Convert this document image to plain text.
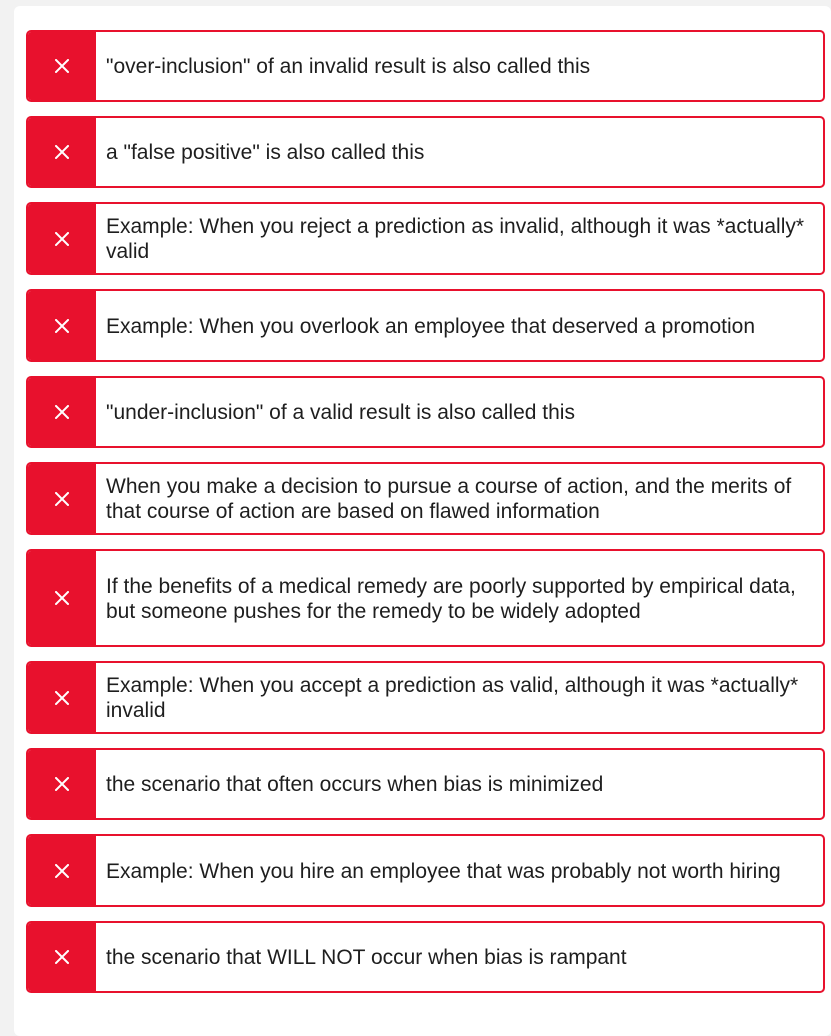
"over-inclusion" of an invalid result is also called this
a "false positive" is also called this
Example: When you reject a prediction as invalid, although it was *actually* valid
Example: When you overlook an employee that deserved a promotion
"under-inclusion" of a valid result is also called this
When you make a decision to pursue a course of action, and the merits of that course of action are based on flawed information
If the benefits of a medical remedy are poorly supported by empirical data, but someone pushes for the remedy to be widely adopted
Example: When you accept a prediction as valid, although it was *actually* invalid
the scenario that often occurs when bias is minimized
Example: When you hire an employee that was probably not worth hiring
the scenario that WILL NOT occur when bias is rampant
